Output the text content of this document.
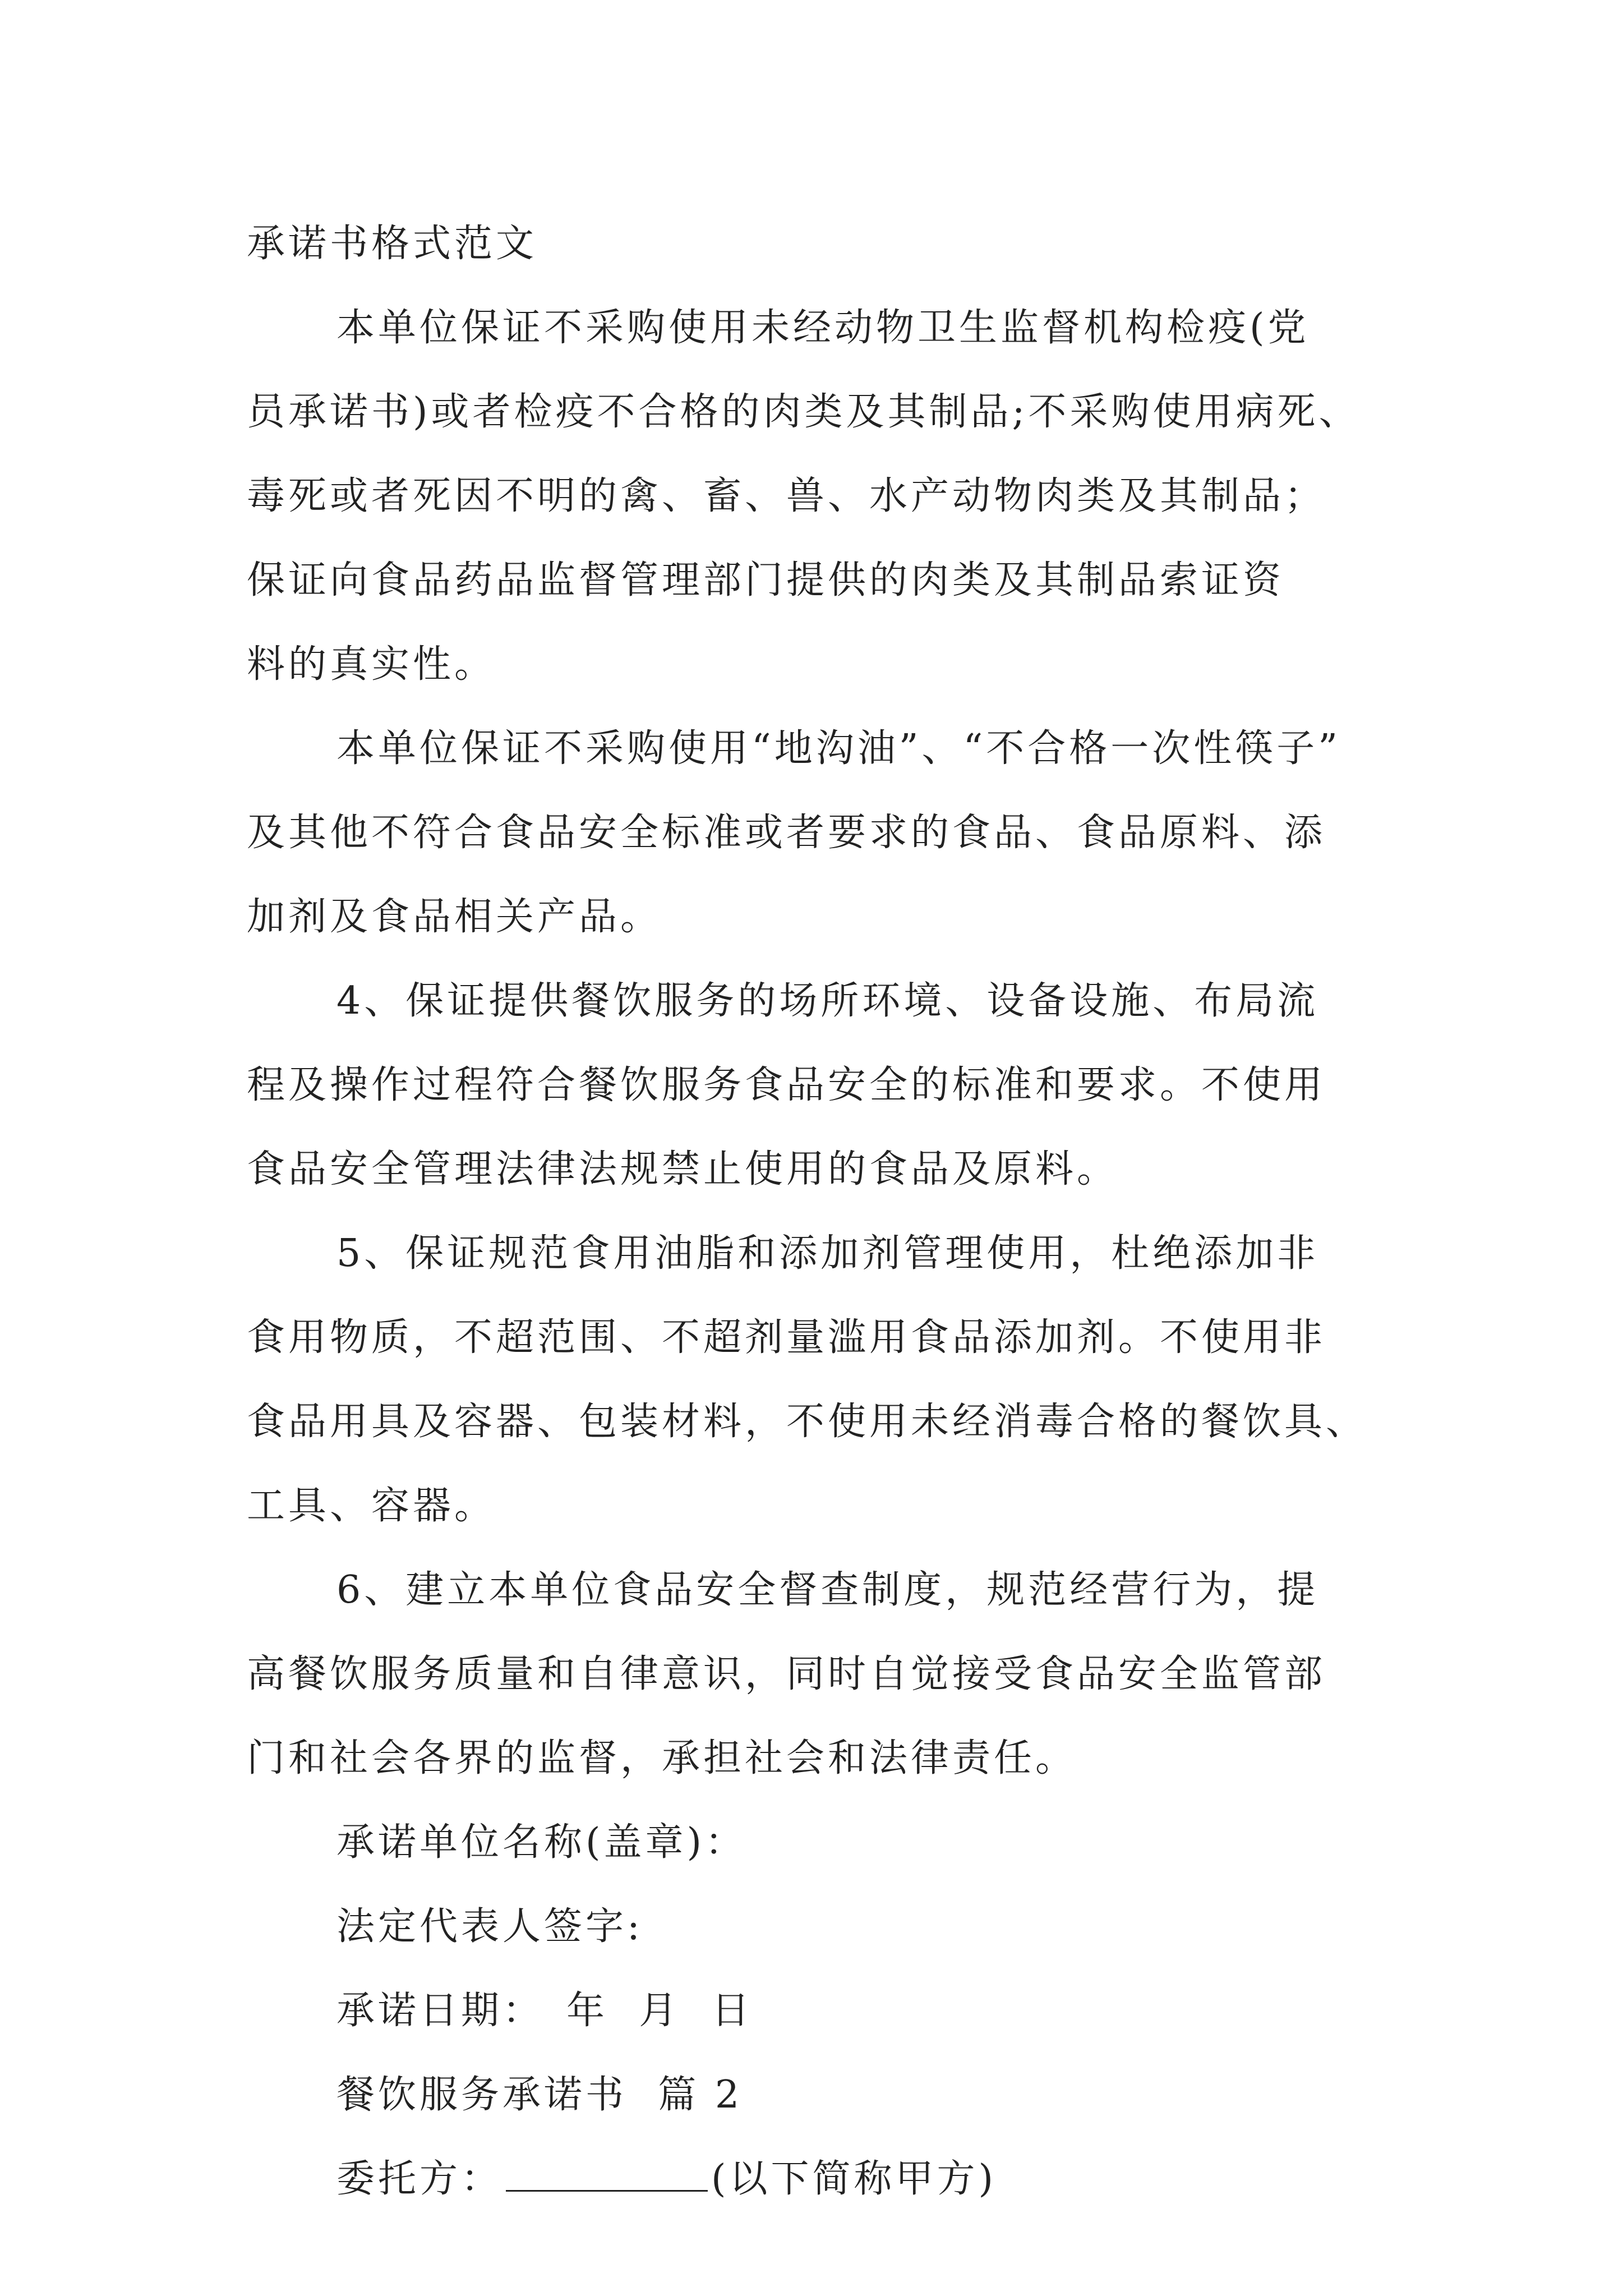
承诺书格式范文
本单位保证不采购使用未经动物卫生监督机构检疫(党
员承诺书)或者检疫不合格的肉类及其制品;不采购使用病死、
毒死或者死因不明的禽、畜、兽、水产动物肉类及其制品；
保证向食品药品监督管理部门提供的肉类及其制品索证资
料的真实性。
本单位保证不采购使用“地沟油”、“不合格一次性筷子”
及其他不符合食品安全标准或者要求的食品、食品原料、添
加剂及食品相关产品。
4、保证提供餐饮服务的场所环境、设备设施、布局流
程及操作过程符合餐饮服务食品安全的标准和要求。不使用
食品安全管理法律法规禁止使用的食品及原料。
5、保证规范食用油脂和添加剂管理使用，杜绝添加非
食用物质，不超范围、不超剂量滥用食品添加剂。不使用非
食品用具及容器、包装材料，不使用未经消毒合格的餐饮具、
工具、容器。
6、建立本单位食品安全督查制度，规范经营行为，提
高餐饮服务质量和自律意识，同时自觉接受食品安全监管部
门和社会各界的监督，承担社会和法律责任。
承诺单位名称(盖章)：
法定代表人签字:
承诺日期： 年  月  日
餐饮服务承诺书  篇 2
委托方：	(以下简称甲方)
